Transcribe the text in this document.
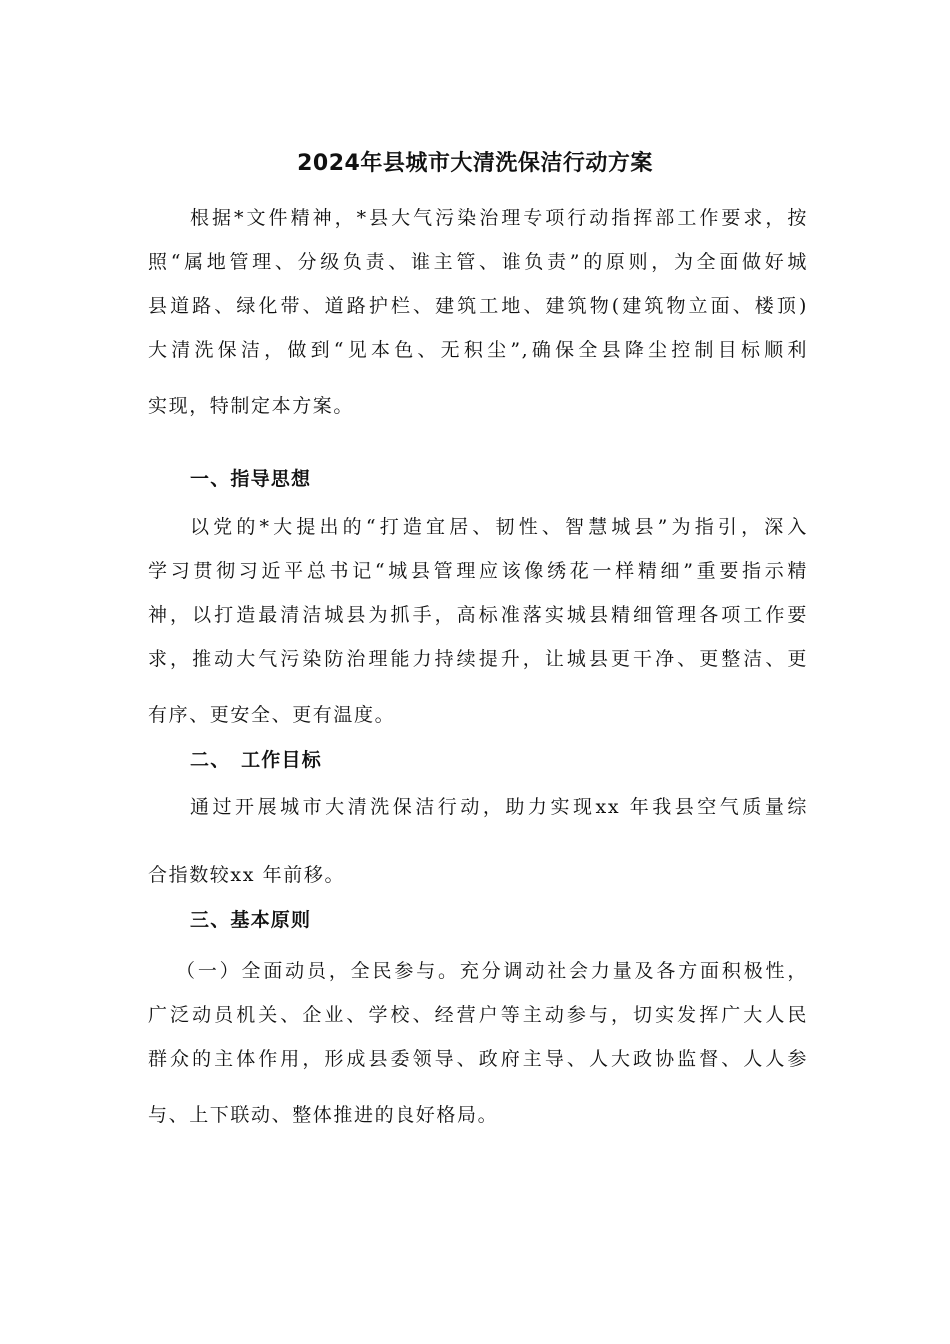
2024年县城市大清洗保洁行动方案
根据*文件精神，*县大气污染治理专项行动指挥部工作要求，按
照“属地管理、分级负责、谁主管、谁负责”的原则，为全面做好城
县道路、绿化带、道路护栏、建筑工地、建筑物(建筑物立面、楼顶)
大清洗保洁，做到“见本色、无积尘”,确保全县降尘控制目标顺利
实现，特制定本方案。
一、指导思想
以党的*大提出的“打造宜居、韧性、智慧城县”为指引，深入
学习贯彻习近平总书记“城县管理应该像绣花一样精细”重要指示精
神，以打造最清洁城县为抓手，高标准落实城县精细管理各项工作要
求，推动大气污染防治理能力持续提升，让城县更干净、更整洁、更
有序、更安全、更有温度。
二、　工作目标
通过开展城市大清洗保洁行动，助力实现xx 年我县空气质量综
合指数较xx 年前移。
三、基本原则
（一）全面动员，全民参与。充分调动社会力量及各方面积极性，
广泛动员机关、企业、学校、经营户等主动参与，切实发挥广大人民
群众的主体作用，形成县委领导、政府主导、人大政协监督、人人参
与、上下联动、整体推进的良好格局。
